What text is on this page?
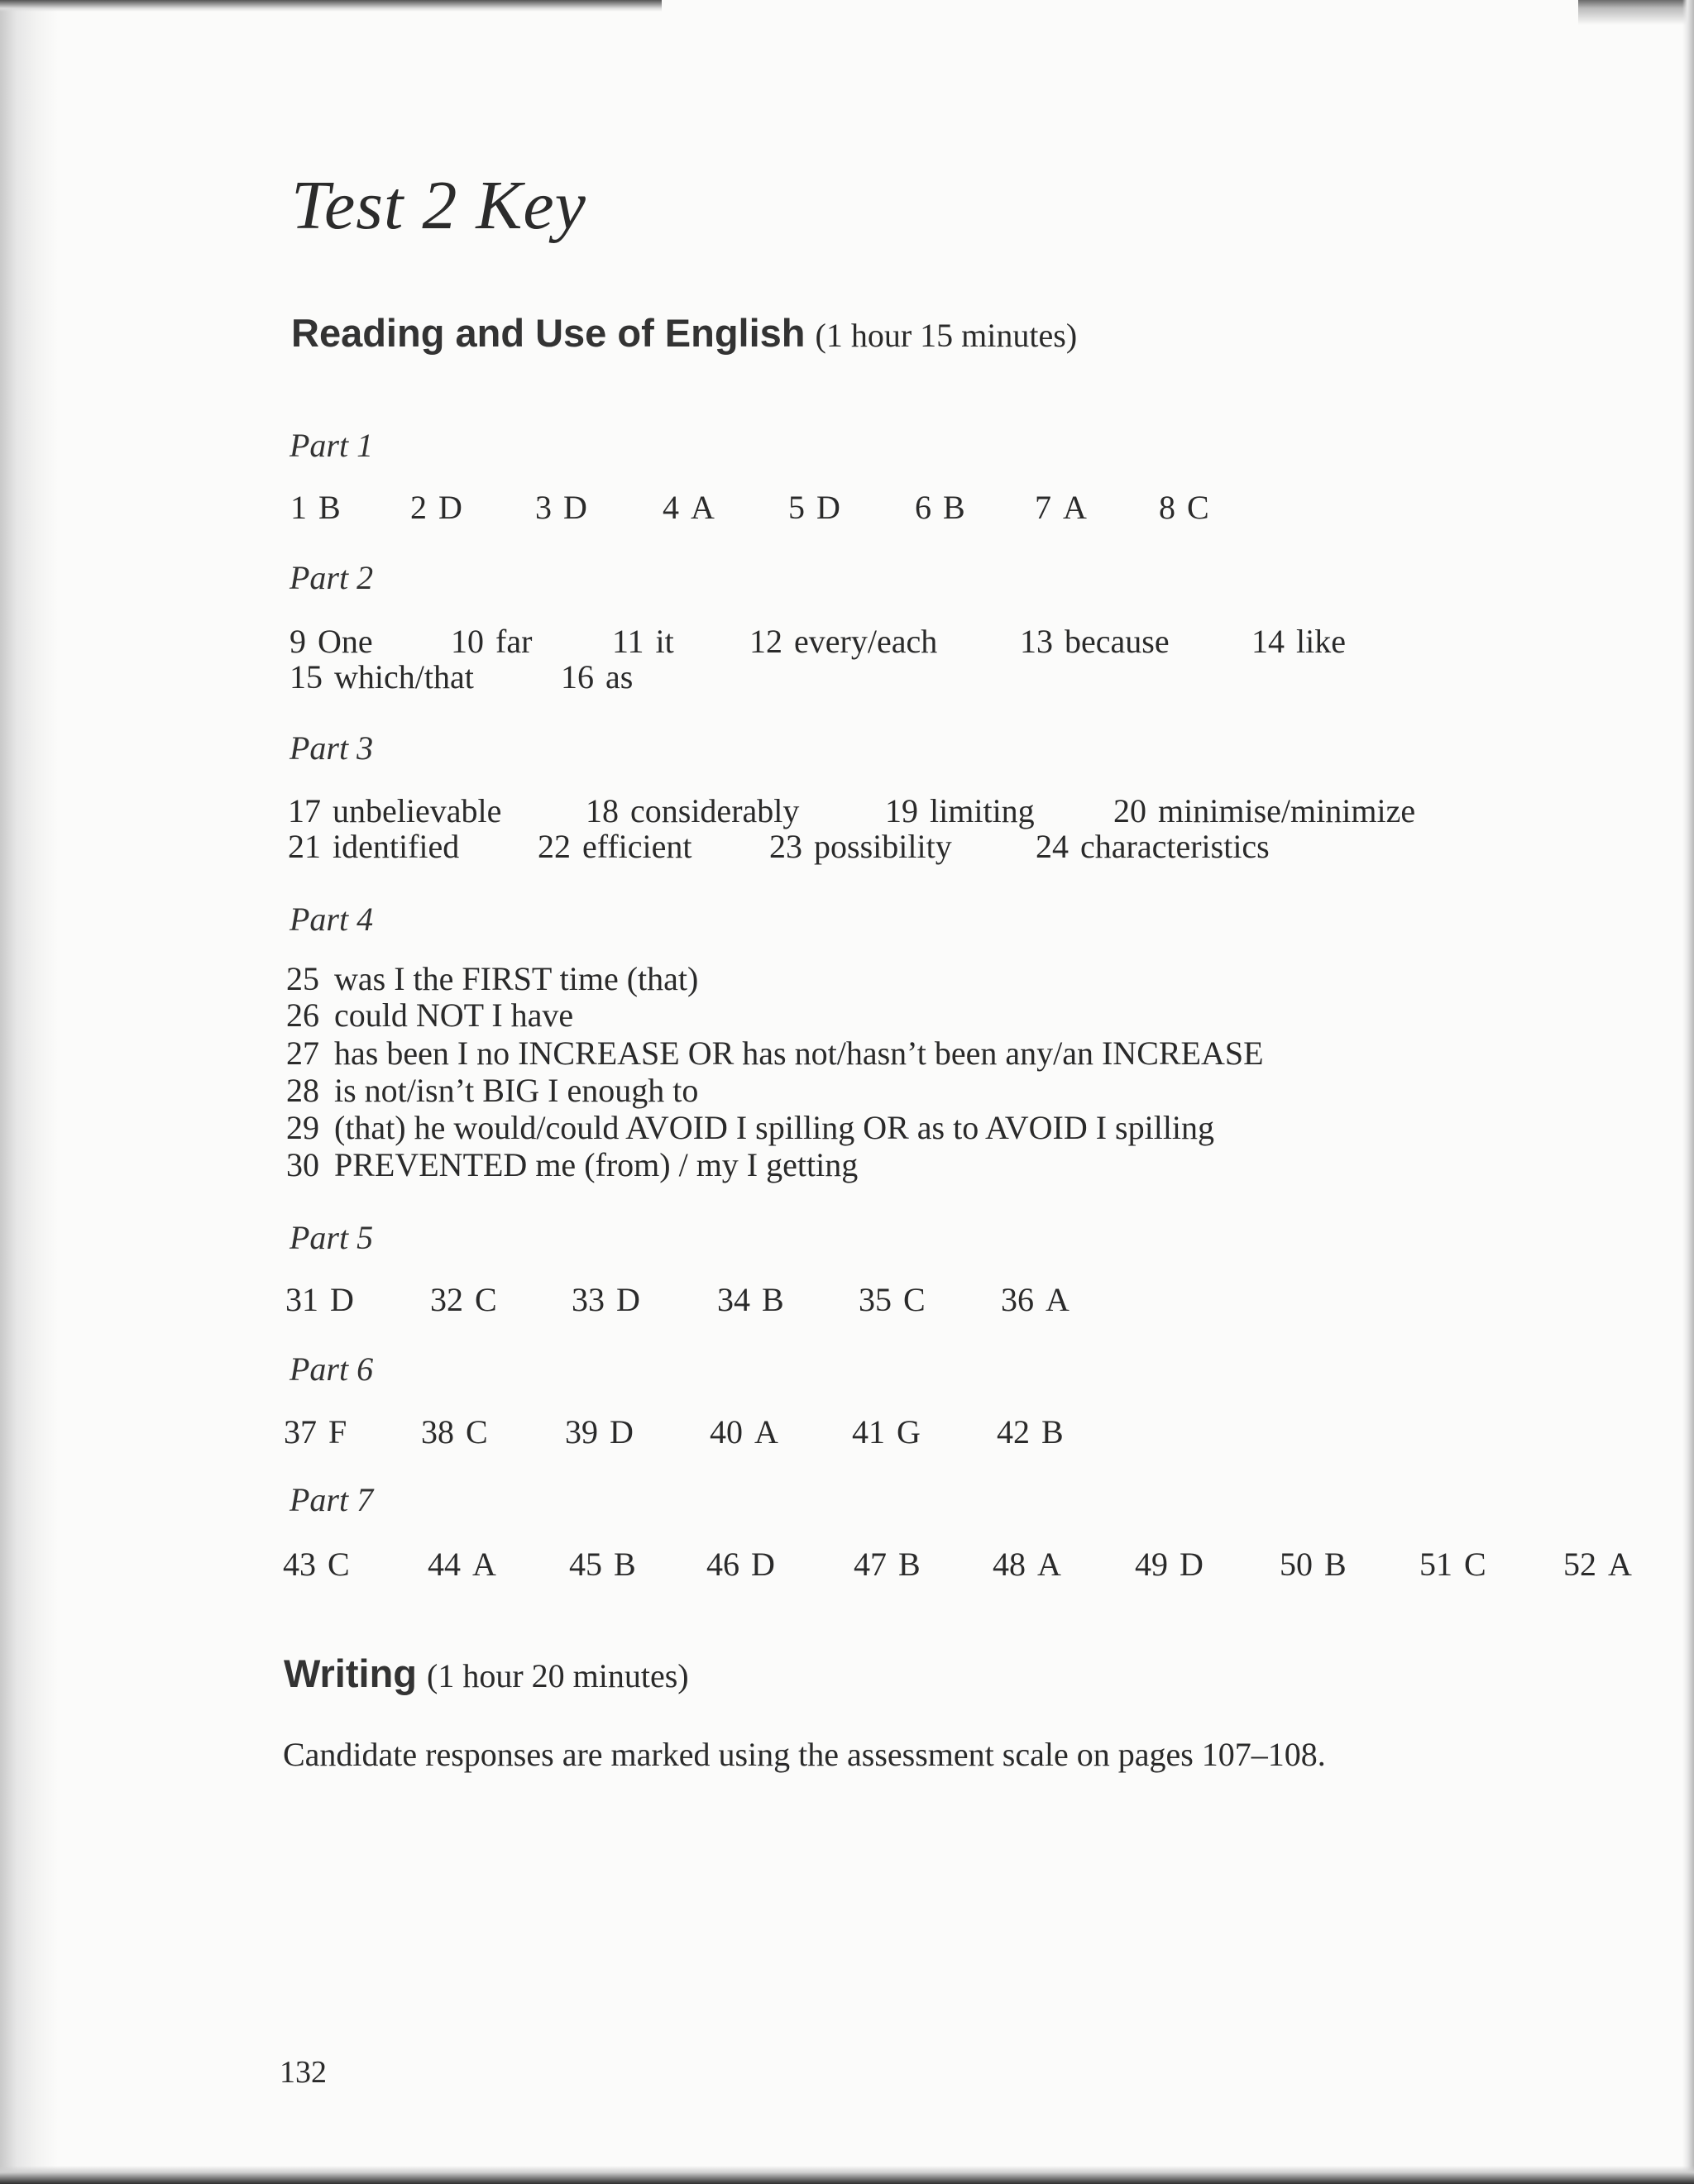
Test 2 Key
Reading and Use of English (1 hour 15 minutes)
Part 1
1 B 2 D 3 D 4 A 5 D 6 B 7 A 8 C
Part 2
9 One 10 far 11 it 12 every/each 13 because 14 like
15 which/that	16 as
Part 3
17 unbelievable	18 considerably	19 limiting 20 minimise/minimize
21 identified 22 efficient 23 possibility	24 characteristics
Part 4
25 was I the FIRST time (that)
26 could NOT I have
27 has been I no INCREASE OR has not/hasn’t been any/an INCREASE
28 is not/isn’t BIG I enough to
29 (that) he would/could AVOID I spilling OR as to AVOID I spilling
30 PREVENTED me (from) / my I getting
Part 5
31 D 32 C 33 D 34 B 35 C 36 A
Part 6
37 F 38 C 39 D 40 A 41 G 42 B
Part 7
43 C 44 A 45 B 46 D 47 B 48 A 49 D 50 B 51 C 52 A
Writing (1 hour 20 minutes)
Candidate responses are marked using the assessment scale on pages 107–108.
132
